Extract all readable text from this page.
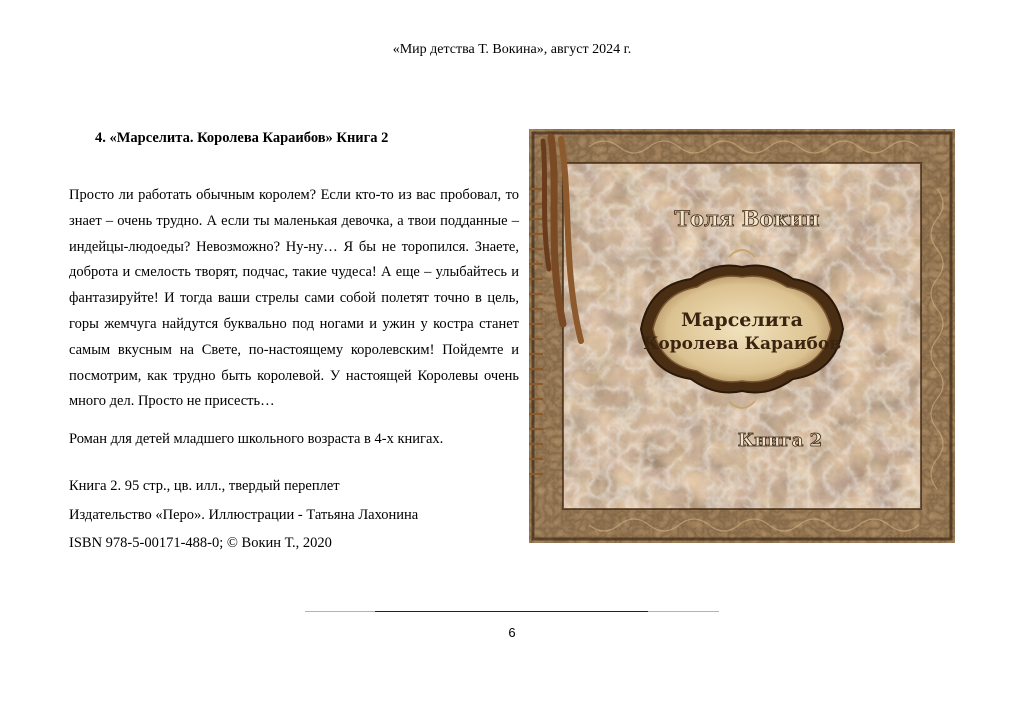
«Мир детства Т. Вокина», август 2024 г.
4. «Марселита. Королева Караибов» Книга 2

Просто ли работать обычным королем? Если кто-то из вас пробовал, то знает – очень трудно. А если ты маленькая девочка, а твои подданные – индейцы-людоеды? Невозможно? Ну-ну… Я бы не торопился. Знаете, доброта и смелость творят, подчас, такие чудеса! А еще – улыбайтесь и фантазируйте! И тогда ваши стрелы сами собой полетят точно в цель, горы жемчуга найдутся буквально под ногами и ужин у костра станет самым вкусным на Свете, по-настоящему королевским! Пойдемте и посмотрим, как трудно быть королевой. У настоящей Королевы очень много дел. Просто не присесть…

Роман для детей младшего школьного возраста в 4-х книгах.

Книга 2. 95 стр., цв. илл., твердый переплет
Издательство «Перо». Иллюстрации - Татьяна Лахонина
ISBN 978-5-00171-488-0; © Вокин Т., 2020
Толя Вокин
Марселита
Королева Караибов
Книга 2
6
